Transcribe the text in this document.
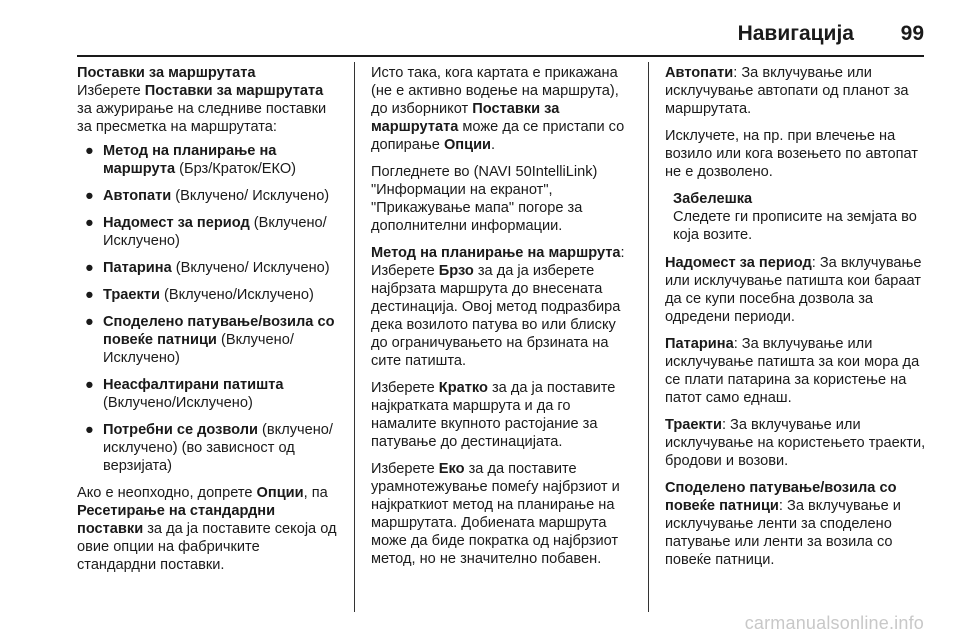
Навигација 99
Поставки за маршрутата

Изберете Поставки за маршрутата за ажурирање на следниве поставки за пресметка на маршрутата:

● Метод на планирање на маршрута (Брз/Краток/ЕКО)
● Автопати (Вклучено/ Исклучено)
● Надомест за период (Вклучено/Исклучено)
● Патарина (Вклучено/ Исклучено)
● Траекти (Вклучено/Исклучено)
● Споделено патување/возила со повеќе патници (Вклучено/ Исклучено)
● Неасфалтирани патишта (Вклучено/Исклучено)
● Потребни се дозволи (вклучено/исклучено) (во зависност од верзијата)

Ако е неопходно, допрете Опции, па Ресетирање на стандардни поставки за да ја поставите секоја од овие опции на фабричките стандардни поставки.

Исто така, кога картата е прикажана (не е активно водење на маршрута), до изборникот Поставки за маршрутата може да се пристапи со допирање Опции.

Погледнете во (NAVI 50IntelliLink) "Информации на екранот", "Прикажување мапа" погоре за дополнителни информации.

Метод на планирање на маршрута: Изберете Брзо за да ја изберете најбрзата маршрута до внесената дестинација. Овој метод подразбира дека возилото патува во или блиску до ограничувањето на брзината на сите патишта.

Изберете Кратко за да ја поставите најкратката маршрута и да го намалите вкупното растојание за патување до дестинацијата.

Изберете Еко за да поставите урамнотежување помеѓу најбрзиот и најкраткиот метод на планирање на маршрутата. Добиената маршрута може да биде пократка од најбрзиот метод, но не значително побавен.

Автопати: За вклучување или исклучување автопати од планот за маршрутата.

Исклучете, на пр. при влечење на возило или кога возењето по автопат не е дозволено.

Забелешка
Следете ги прописите на земјата во која возите.

Надомест за период: За вклучување или исклучување патишта кои бараат да се купи посебна дозвола за одредени периоди.

Патарина: За вклучување или исклучување патишта за кои мора да се плати патарина за користење на патот само еднаш.

Траекти: За вклучување или исклучување на користењето траекти, бродови и возови.

Споделено патување/возила со повеќе патници: За вклучување и исклучување ленти за споделено патување или ленти за возила со повеќе патници.

carmanualsonline.info
